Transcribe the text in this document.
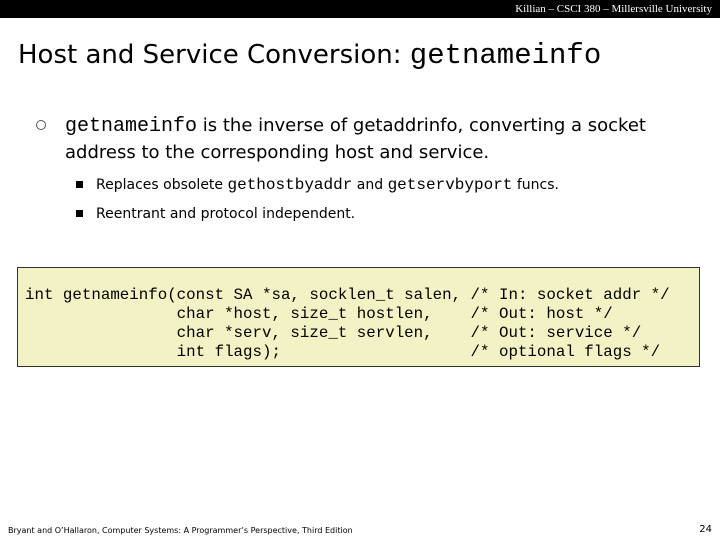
Killian – CSCI 380 – Millersville University
Host and Service Conversion: getnameinfo
getnameinfo is the inverse of getaddrinfo, converting a socket address to the corresponding host and service.
Replaces obsolete gethostbyaddr and getservbyport funcs.
Reentrant and protocol independent.
int getnameinfo(const SA *sa, socklen_t salen, /* In: socket addr */
char *host, size_t hostlen,    /* Out: host */
char *serv, size_t servlen,    /* Out: service */
int flags);                    /* optional flags */
Bryant and O’Hallaron, Computer Systems: A Programmer’s Perspective, Third Edition	24
